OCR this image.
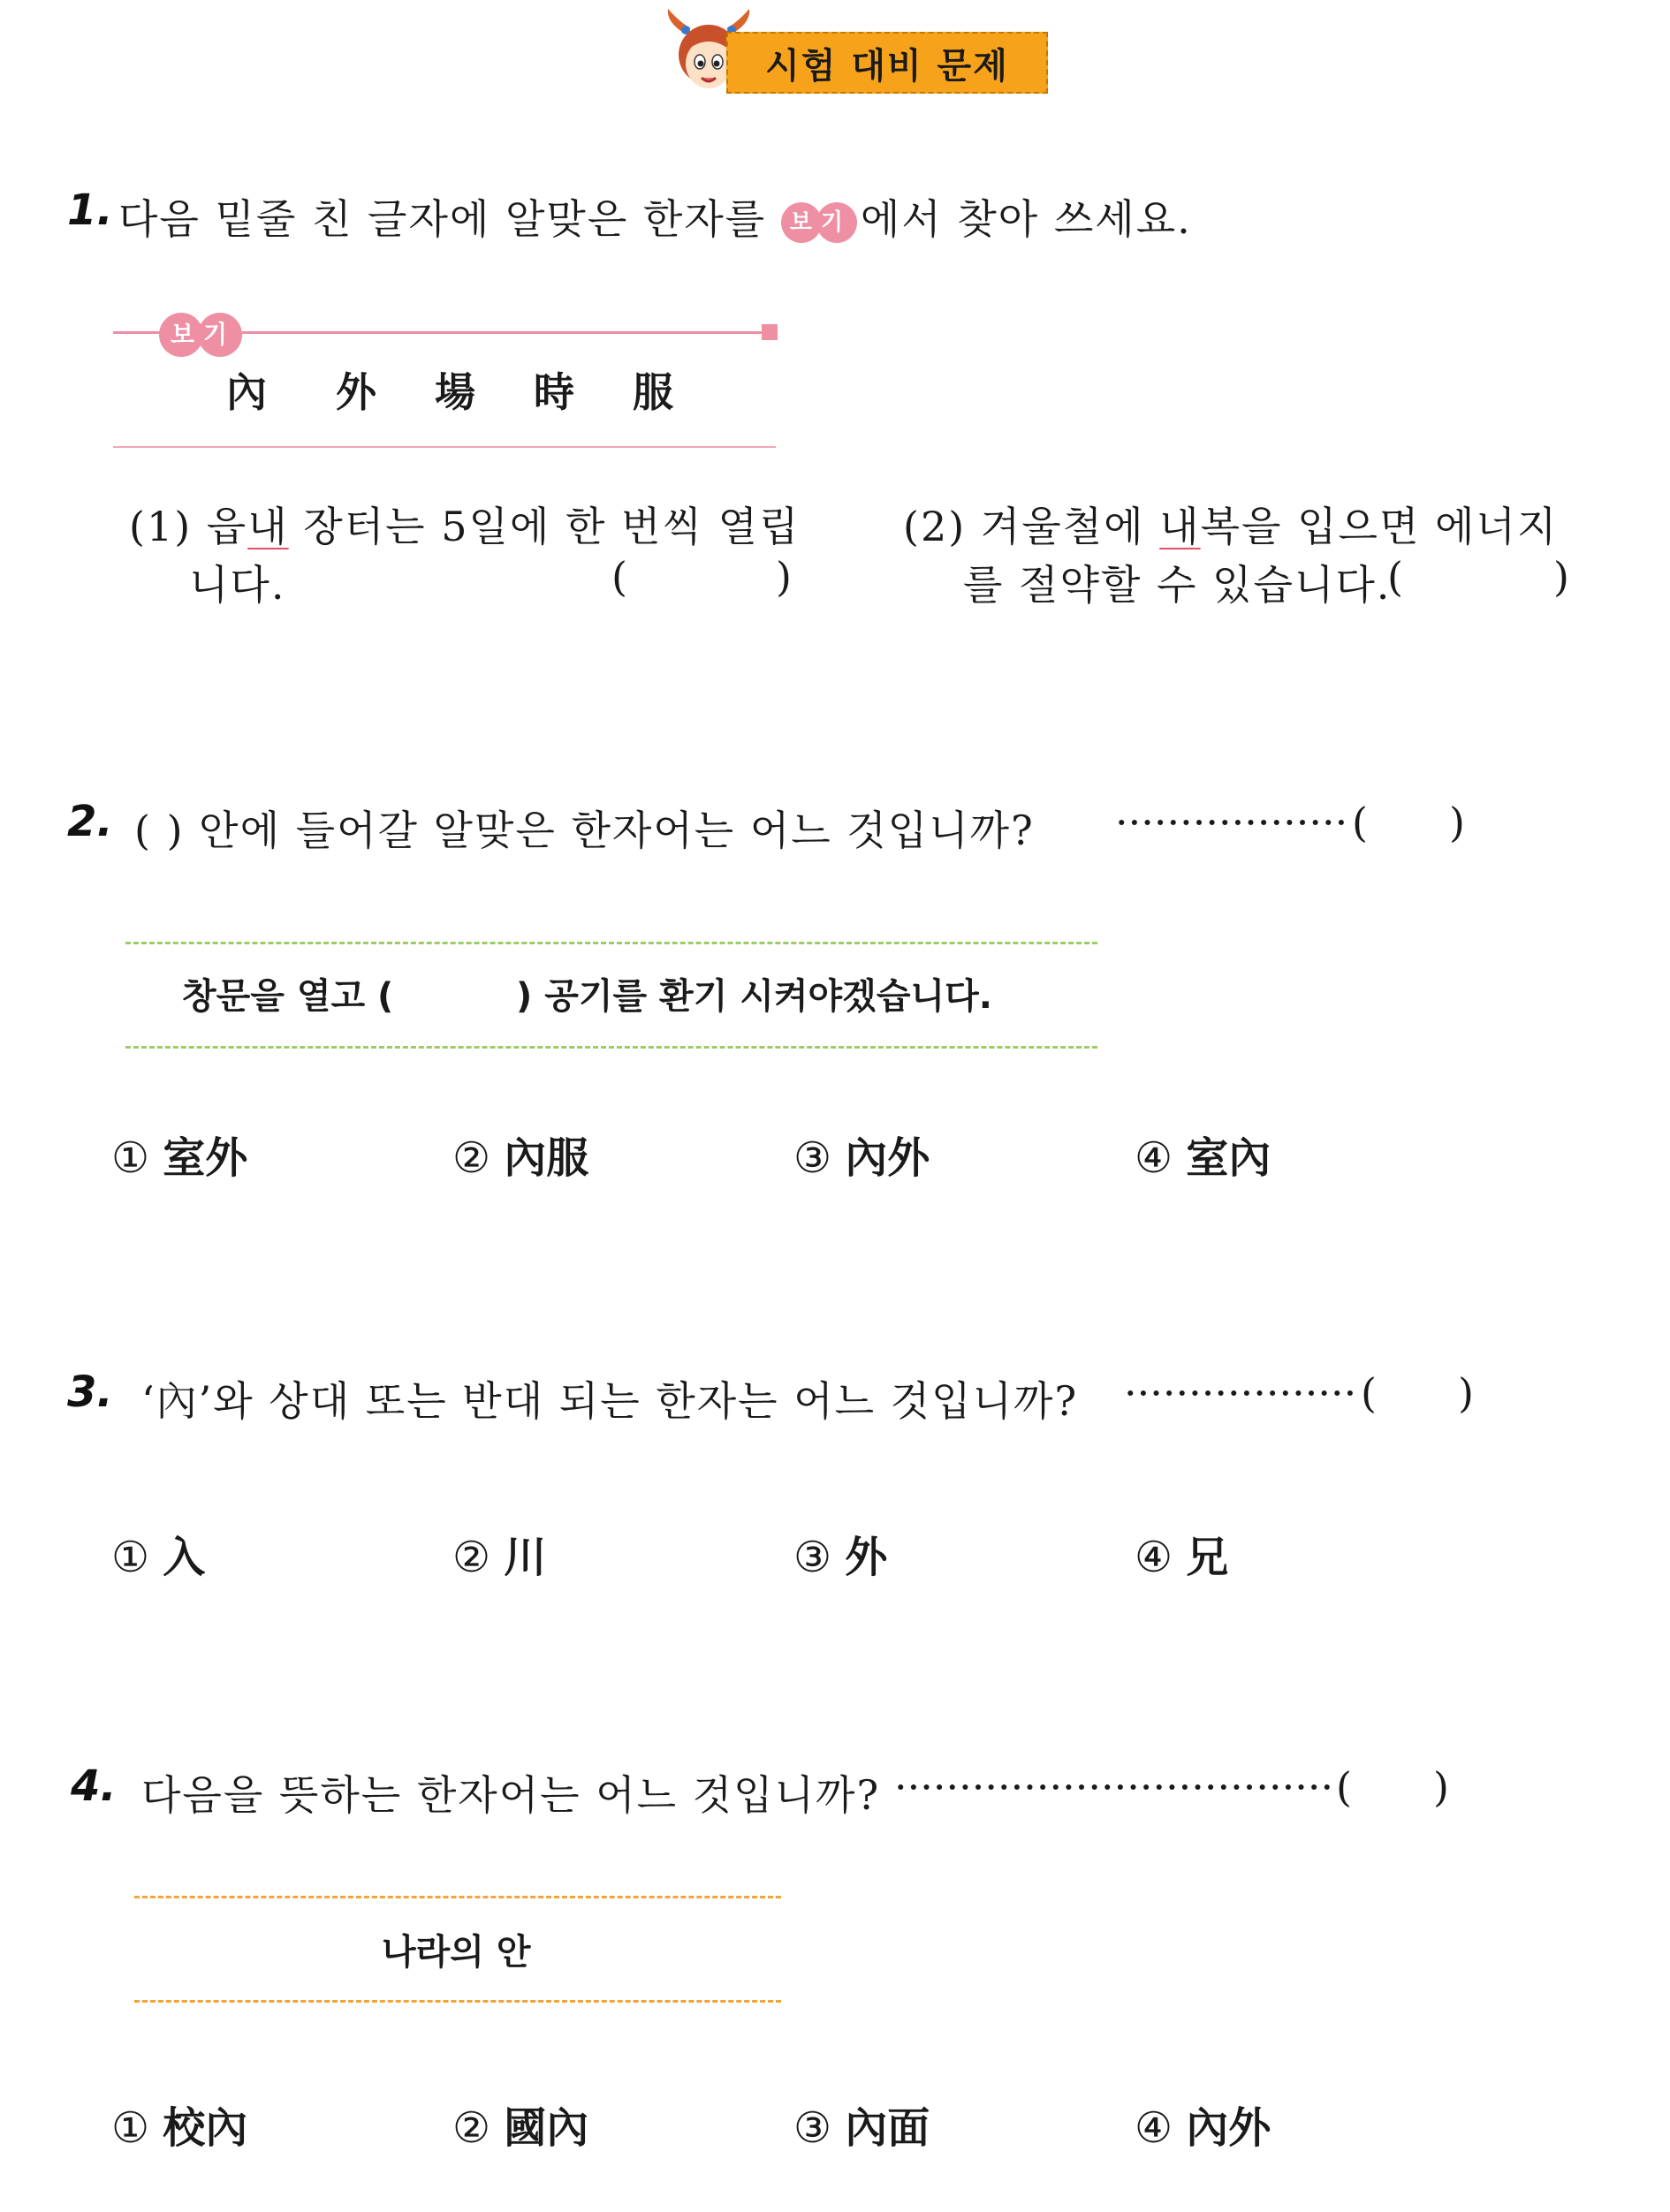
시험 대비 문제
1. 다음 밑줄 친 글자에 알맞은 한자를	보기 에서 찾아 쓰세요.
보기
內 外 場 時 服
(1) 읍내 장터는 5일에 한 번씩 열립
니다.	(	)
(2) 겨울철에 내복을 입으면 에너지
를 절약할 수 있습니다.
(	)
2. ( ) 안에 들어갈 알맞은 한자어는 어느 것입니까? ·················· ( )
창문을 열고 (	) 공기를 환기 시켜야겠습니다.
① 室外	② 內服	③ 內外	④ 室內
3. ‘內’와 상대 또는 반대 되는 한자는 어느 것입니까? ·················· ( )
① 入	② 川	③ 外	④ 兄
4. 다음을 뜻하는 한자어는 어느 것입니까? ·································· ( )
나라의 안
① 校內	② 國內	③ 內面	④ 內外
